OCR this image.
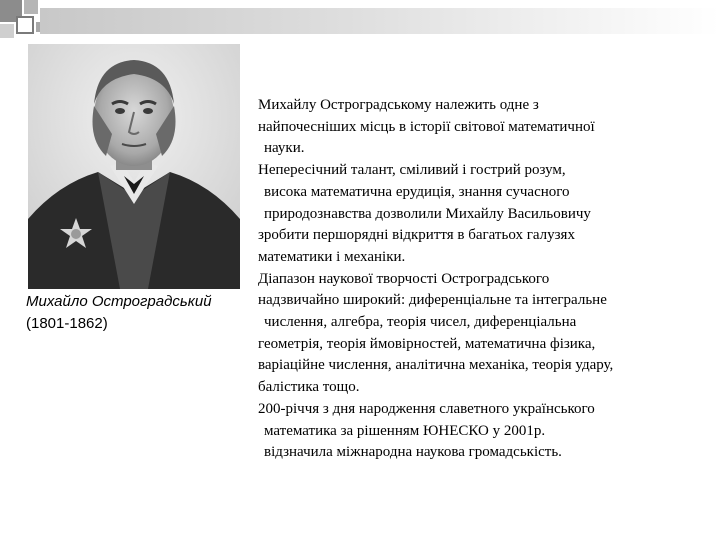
Михайло Остроградський
(1801-1862)
Михайлу Остроградському належить одне з
найпочесніших місць в історії світової математичної
науки.
Непересічний талант, сміливий і гострий розум,
висока математична ерудиція, знання сучасного
природознавства дозволили Михайлу Васильовичу
зробити першорядні відкриття в багатьох галузях
математики і механіки.
Діапазон наукової творчості Остроградського
надзвичайно широкий: диференціальне та інтегральне
числення, алгебра, теорія чисел, диференціальна
геометрія, теорія ймовірностей, математична фізика,
варіаційне числення, аналітична механіка, теорія удару,
балістика тощо.
200-річчя з дня народження славетного українського
математика за рішенням ЮНЕСКО у 2001р.
відзначила міжнародна наукова громадськість.
